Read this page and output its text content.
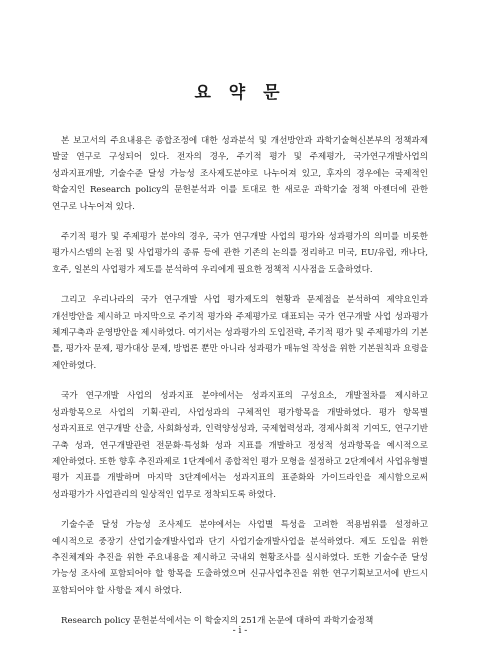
요 약 문

본 보고서의 주요내용은 종합조정에 대한 성과분석 및 개선방안과 과학기술혁신본부의 정책과제 발굴 연구로 구성되어 있다. 전자의 경우, 주기적 평가 및 주제평가, 국가연구개발사업의 성과지표개발, 기술수준 달성 가능성 조사제도분야로 나누어져 있고, 후자의 경우에는 국제적인 학술지인 Research policy의 문헌분석과 이를 토대로 한 새로운 과학기술 정책 아젠더에 관한 연구로 나누어져 있다.

주기적 평가 및 주제평가 분야의 경우, 국가 연구개발 사업의 평가와 성과평가의 의미를 비롯한 평가시스템의 논점 및 사업평가의 종류 등에 관한 기존의 논의를 정리하고 미국, EU/유럽, 캐나다, 호주, 일본의 사업평가 제도를 분석하여 우리에게 필요한 정책적 시사점을 도출하였다.

그리고 우리나라의 국가 연구개발 사업 평가제도의 현황과 문제점을 분석하여 제약요인과 개선방안을 제시하고 마지막으로 주기적 평가와 주제평가로 대표되는 국가 연구개발 사업 성과평가 체계구축과 운영방안을 제시하였다. 여기서는 성과평가의 도입전략, 주기적 평가 및 주제평가의 기본 틀, 평가자 문제, 평가대상 문제, 방법론 뿐만 아니라 성과평가 매뉴얼 작성을 위한 기본원칙과 요령을 제안하였다.

국가 연구개발 사업의 성과지표 분야에서는 성과지표의 구성요소, 개발절차를 제시하고 성과항목으로 사업의 기획·관리, 사업성과의 구체적인 평가항목을 개발하였다. 평가 항목별 성과지표로 연구개발 산출, 사회화성과, 인력양성성과, 국제협력성과, 경제사회적 기여도, 연구기반 구축 성과, 연구개발관련 전문화·특성화 성과 지표를 개발하고 정성적 성과항목을 예시적으로 제안하였다. 또한 향후 추진과제로 1단계에서 종합적인 평가 모형을 설정하고 2단계에서 사업유형별 평가 지표를 개발하며 마지막 3단계에서는 성과지표의 표준화와 가이드라인을 제시함으로써 성과평가가 사업관리의 일상적인 업무로 정착되도록 하였다.

기술수준 달성 가능성 조사제도 분야에서는 사업별 특성을 고려한 적용범위를 설정하고 예시적으로 중장기 산업기술개발사업과 단기 사업기술개발사업을 분석하였다. 제도 도입을 위한 추진체계와 추진을 위한 주요내용을 제시하고 국내외 현황조사를 실시하였다. 또한 기술수준 달성 가능성 조사에 포함되어야 할 항목을 도출하였으며 신규사업추진을 위한 연구기획보고서에 반드시 포함되어야 할 사항을 제시 하였다.

Research policy 문헌분석에서는 이 학술지의 251개 논문에 대하여 과학기술정책

- i -
